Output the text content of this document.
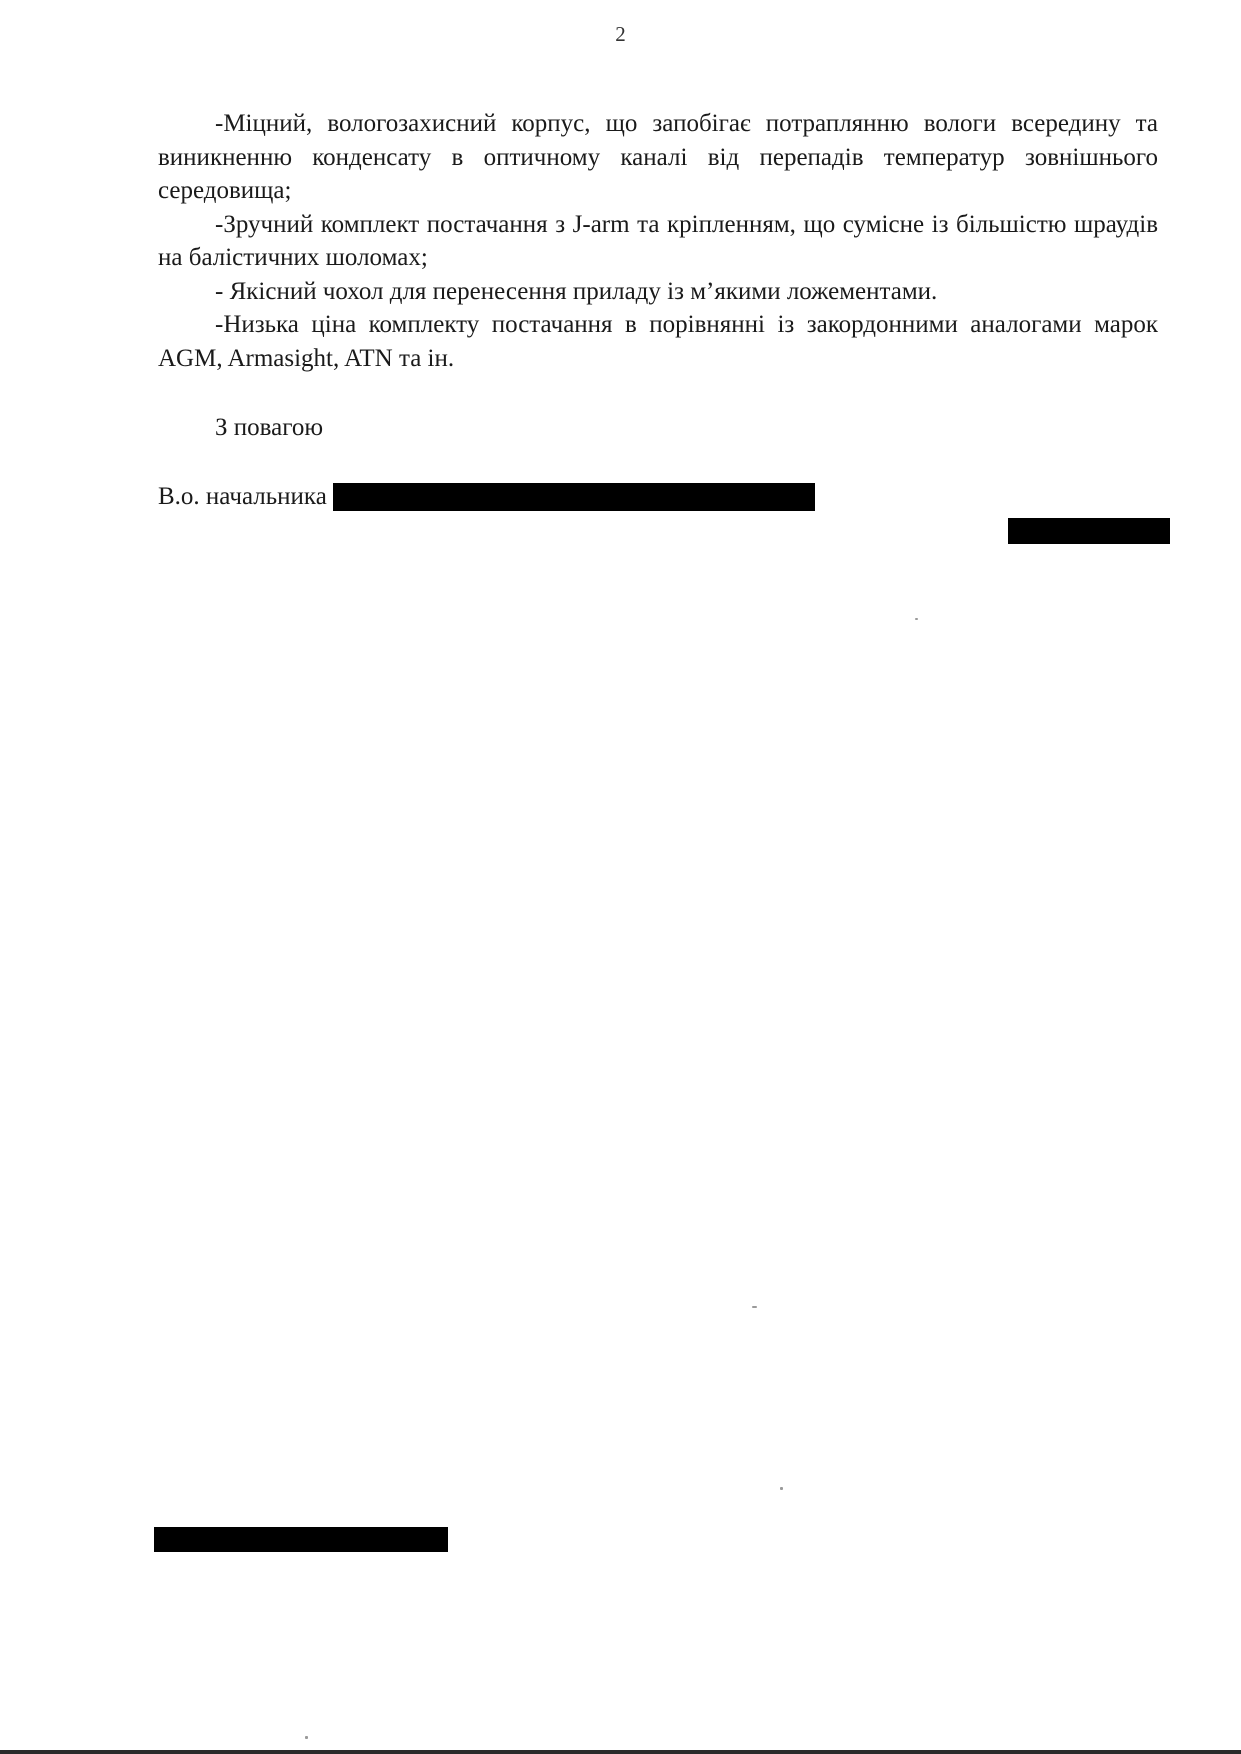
2

-Міцний, вологозахисний корпус, що запобігає потраплянню вологи всередину та виникненню конденсату в оптичному каналі від перепадів температур зовнішнього середовища;

-Зручний комплект постачання з J-arm та кріпленням, що сумісне із більшістю шраудів на балістичних шоломах;

- Якісний чохол для перенесення приладу із м’якими ложементами.

-Низька ціна комплекту постачання в порівнянні із закордонними аналогами марок AGM, Armasight, ATN та ін.

З повагою
В.о. начальника
